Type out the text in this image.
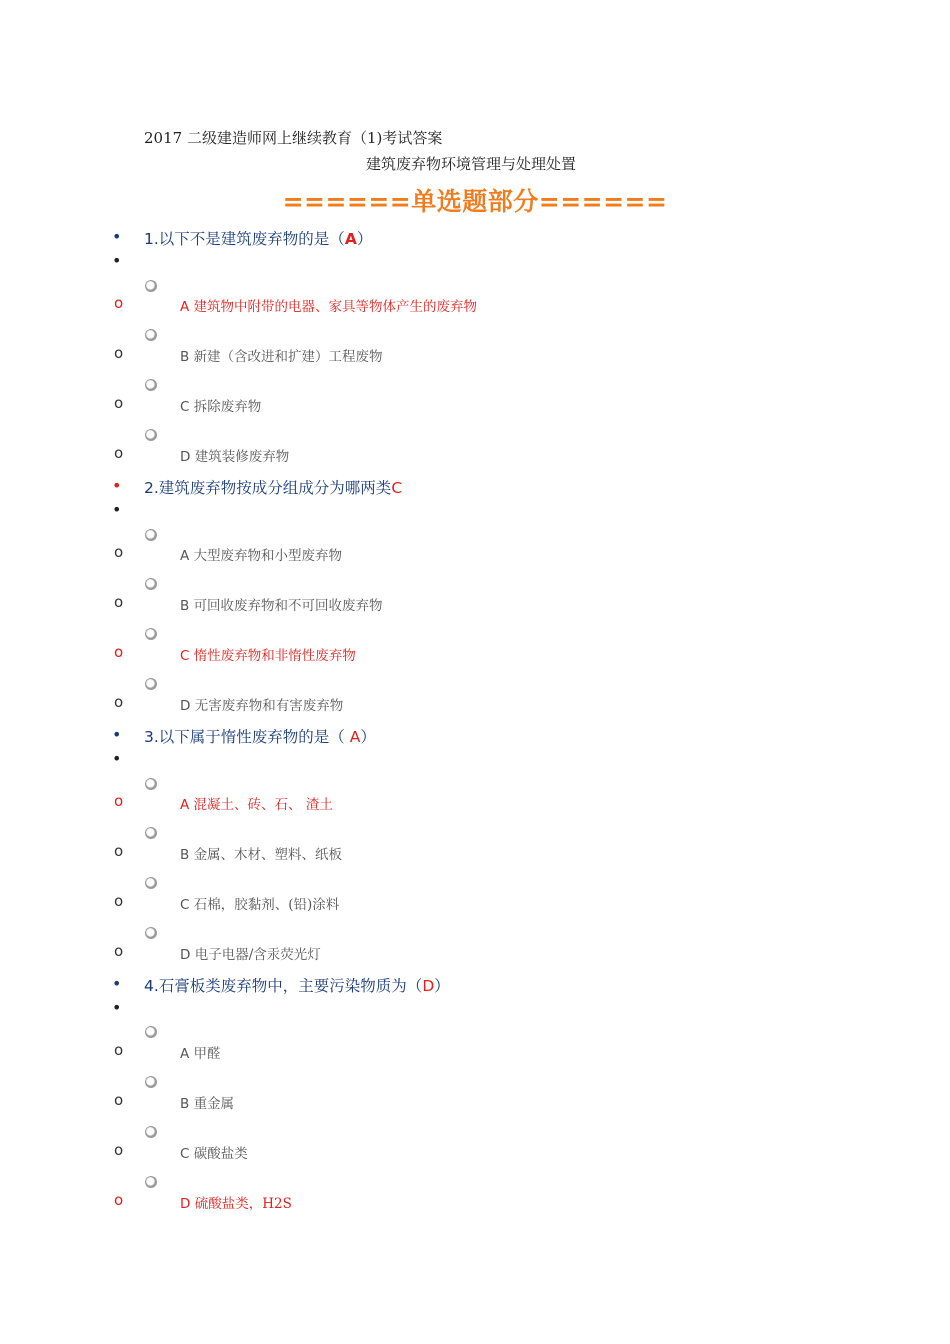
2017 二级建造师网上继续教育（1)考试答案
建筑废弃物环境管理与处理处置
======单选题部分======
• 1.以下不是建筑废弃物的是（A）
•
o	A 建筑物中附带的电器、家具等物体产生的废弃物
o	B 新建（含改进和扩建）工程废物
o	C 拆除废弃物
o	D 建筑装修废弃物
• 2.建筑废弃物按成分组成分为哪两类C
•
o	A 大型废弃物和小型废弃物
o	B 可回收废弃物和不可回收废弃物
o	C 惰性废弃物和非惰性废弃物
o	D 无害废弃物和有害废弃物
• 3.以下属于惰性废弃物的是（ A）
•
o	A 混凝土、砖、石、 渣土
o	B 金属、木材、塑料、纸板
o	C 石棉，胶黏剂、(铅)涂料
o	D 电子电器/含汞荧光灯
• 4.石膏板类废弃物中，主要污染物质为（D）
•
o	A 甲醛
o	B 重金属
o	C 碳酸盐类
o	D 硫酸盐类，H2S
